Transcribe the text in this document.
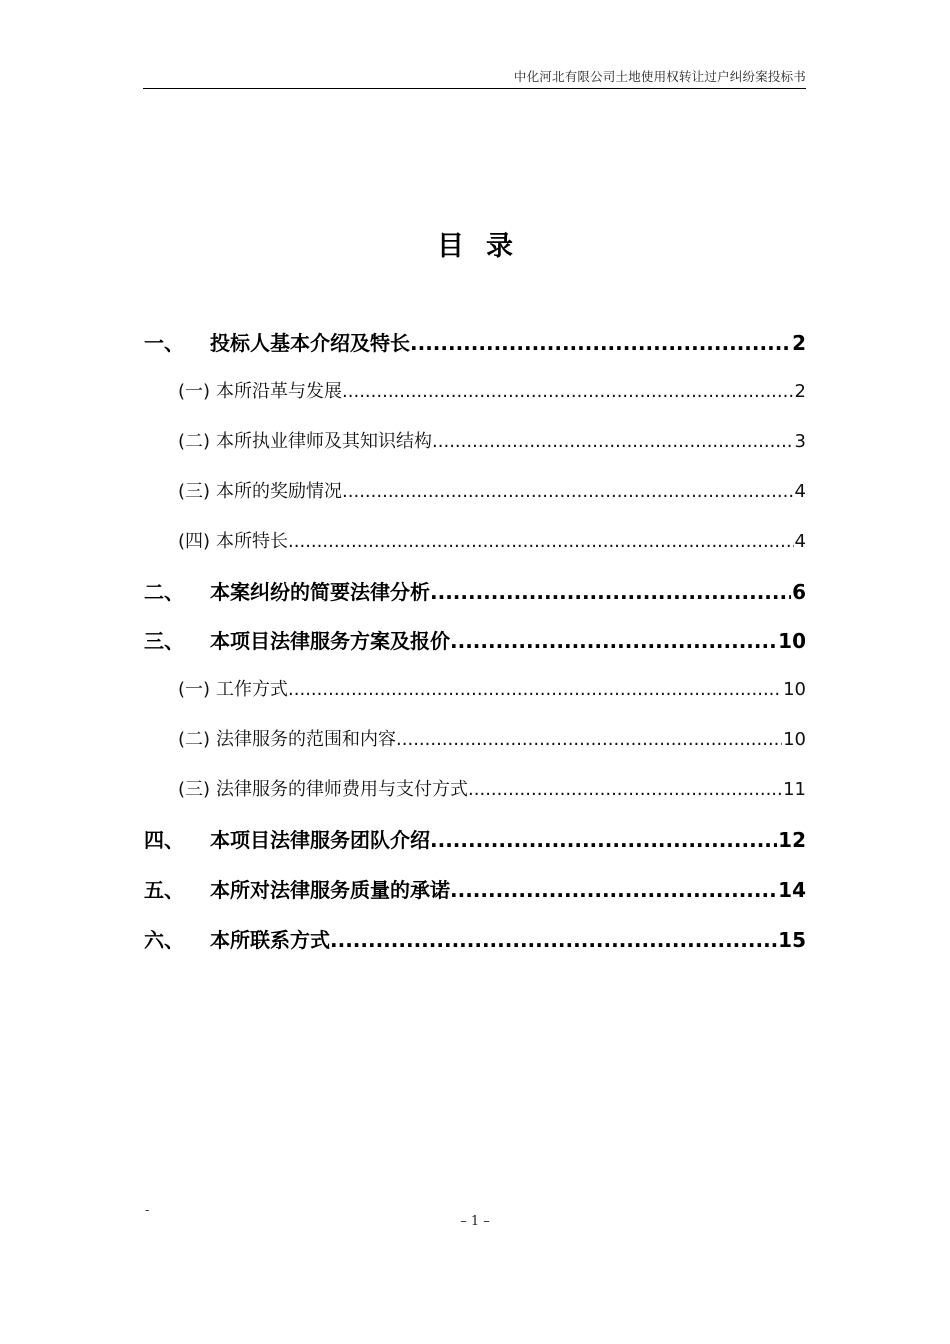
中化河北有限公司土地使用权转让过户纠纷案投标书
目录
一、	投标人基本介绍及特长 .....	2
(一) 本所沿革与发展 .....	2
(二) 本所执业律师及其知识结构 .....	3
(三) 本所的奖励情况 .....	4
(四) 本所特长 .....	4
二、	本案纠纷的简要法律分析 .....	6
三、	本项目法律服务方案及报价 .....	10
(一) 工作方式 .....	10
(二) 法律服务的范围和内容 .....	10
(三) 法律服务的律师费用与支付方式 .....	11
四、	本项目法律服务团队介绍 .....	12
五、	本所对法律服务质量的承诺 .....	14
六、	本所联系方式 .....	15
-
– 1 –
